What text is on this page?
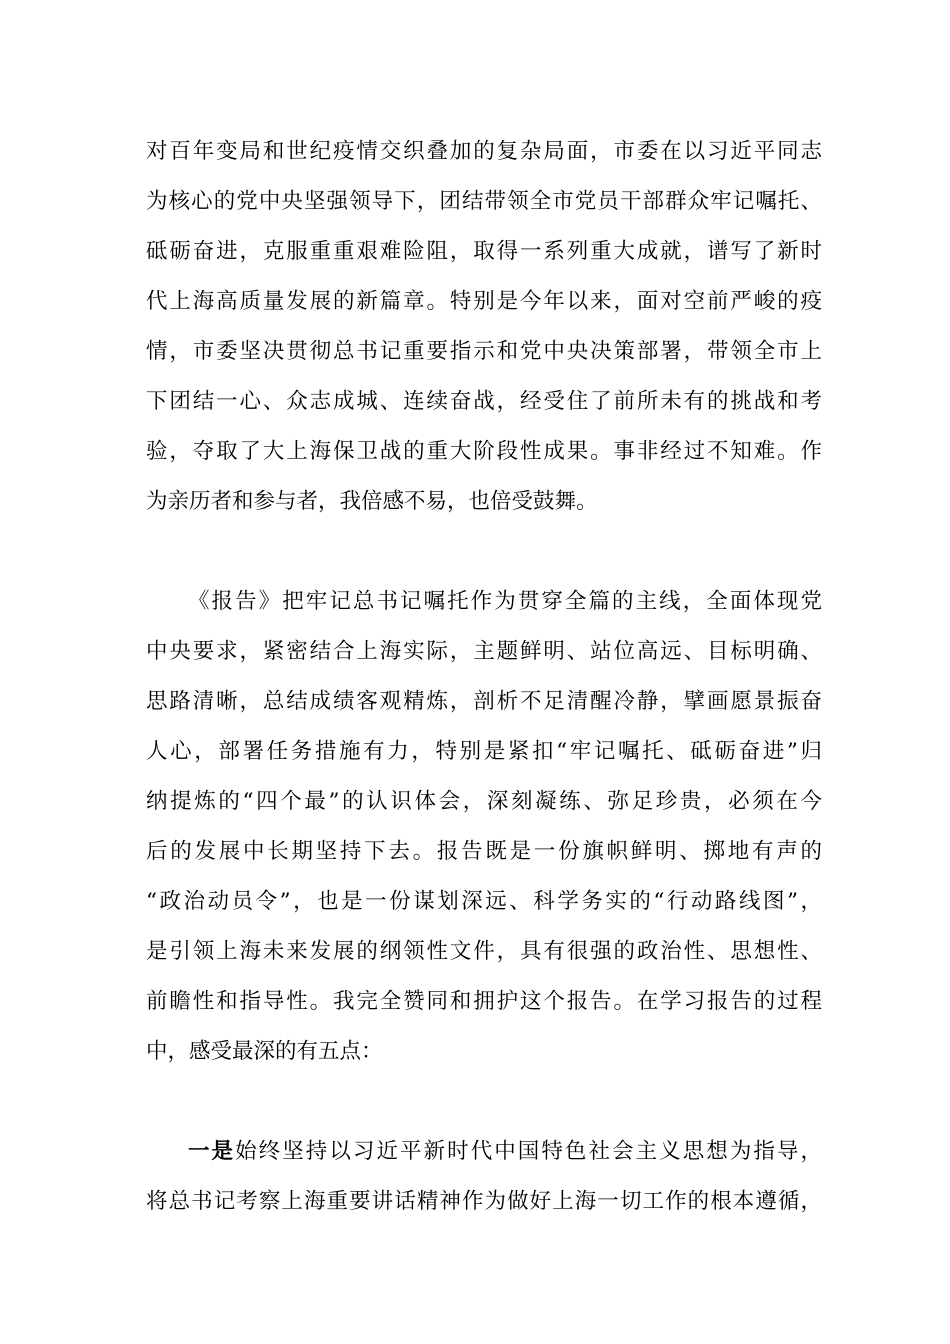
对百年变局和世纪疫情交织叠加的复杂局面，市委在以习近平同志
为核心的党中央坚强领导下，团结带领全市党员干部群众牢记嘱托、
砥砺奋进，克服重重艰难险阻，取得一系列重大成就，谱写了新时
代上海高质量发展的新篇章。特别是今年以来，面对空前严峻的疫
情，市委坚决贯彻总书记重要指示和党中央决策部署，带领全市上
下团结一心、众志成城、连续奋战，经受住了前所未有的挑战和考
验，夺取了大上海保卫战的重大阶段性成果。事非经过不知难。作
为亲历者和参与者，我倍感不易，也倍受鼓舞。
《报告》把牢记总书记嘱托作为贯穿全篇的主线，全面体现党
中央要求，紧密结合上海实际，主题鲜明、站位高远、目标明确、
思路清晰，总结成绩客观精炼，剖析不足清醒冷静，擘画愿景振奋
人心，部署任务措施有力，特别是紧扣“牢记嘱托、砥砺奋进”归
纳提炼的“四个最”的认识体会，深刻凝练、弥足珍贵，必须在今
后的发展中长期坚持下去。报告既是一份旗帜鲜明、掷地有声的
“政治动员令”，也是一份谋划深远、科学务实的“行动路线图”，
是引领上海未来发展的纲领性文件，具有很强的政治性、思想性、
前瞻性和指导性。我完全赞同和拥护这个报告。在学习报告的过程
中，感受最深的有五点：
一是始终坚持以习近平新时代中国特色社会主义思想为指导，
将总书记考察上海重要讲话精神作为做好上海一切工作的根本遵循，
